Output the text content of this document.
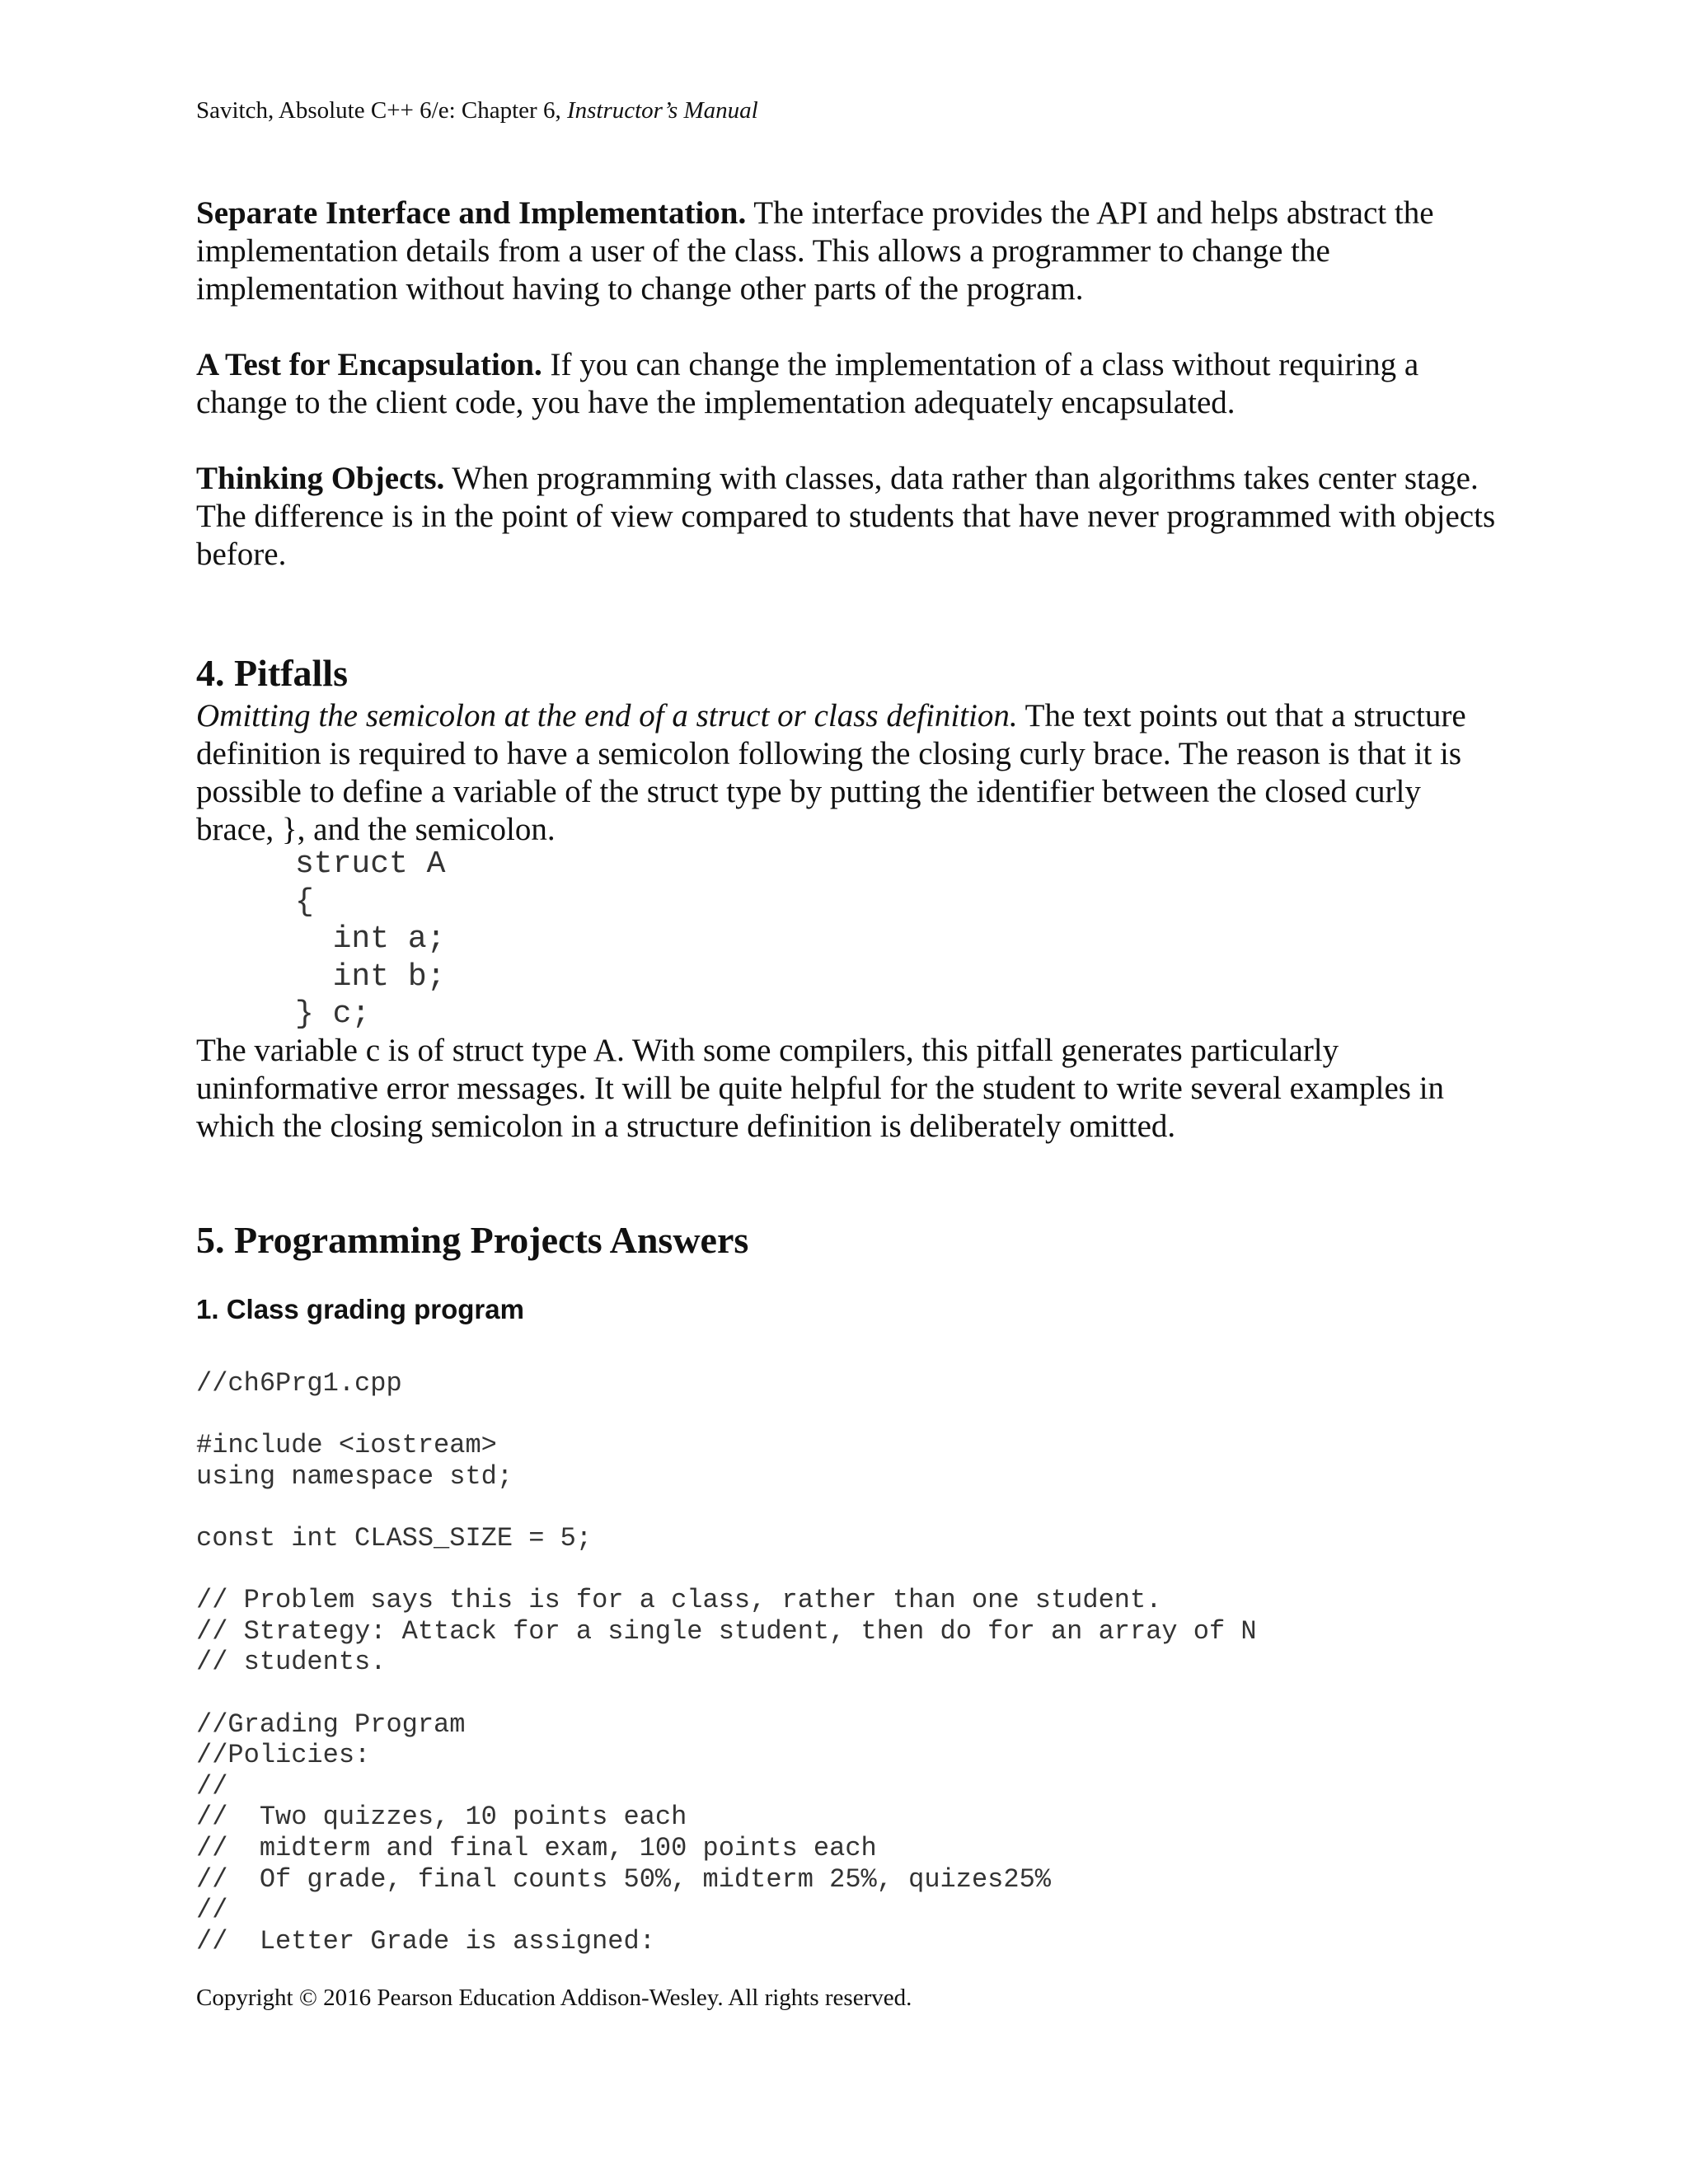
Savitch, Absolute C++ 6/e: Chapter 6, Instructor’s Manual
Separate Interface and Implementation. The interface provides the API and helps abstract the implementation details from a user of the class. This allows a programmer to change the implementation without having to change other parts of the program.
A Test for Encapsulation. If you can change the implementation of a class without requiring a change to the client code, you have the implementation adequately encapsulated.
Thinking Objects. When programming with classes, data rather than algorithms takes center stage. The difference is in the point of view compared to students that have never programmed with objects before.
4. Pitfalls
Omitting the semicolon at the end of a struct or class definition. The text points out that a structure definition is required to have a semicolon following the closing curly brace. The reason is that it is possible to define a variable of the struct type by putting the identifier between the closed curly brace, }, and the semicolon.
struct A
{
int a;
int b;
} c;
The variable c is of struct type A. With some compilers, this pitfall generates particularly uninformative error messages. It will be quite helpful for the student to write several examples in which the closing semicolon in a structure definition is deliberately omitted.
5. Programming Projects Answers
1. Class grading program
//ch6Prg1.cpp

#include <iostream>
using namespace std;

const int CLASS_SIZE = 5;

// Problem says this is for a class, rather than one student.
// Strategy: Attack for a single student, then do for an array of N
// students.

//Grading Program
//Policies:
//
//  Two quizzes, 10 points each
//  midterm and final exam, 100 points each
//  Of grade, final counts 50%, midterm 25%, quizes25%
//
//  Letter Grade is assigned:
Copyright © 2016 Pearson Education Addison-Wesley. All rights reserved.
